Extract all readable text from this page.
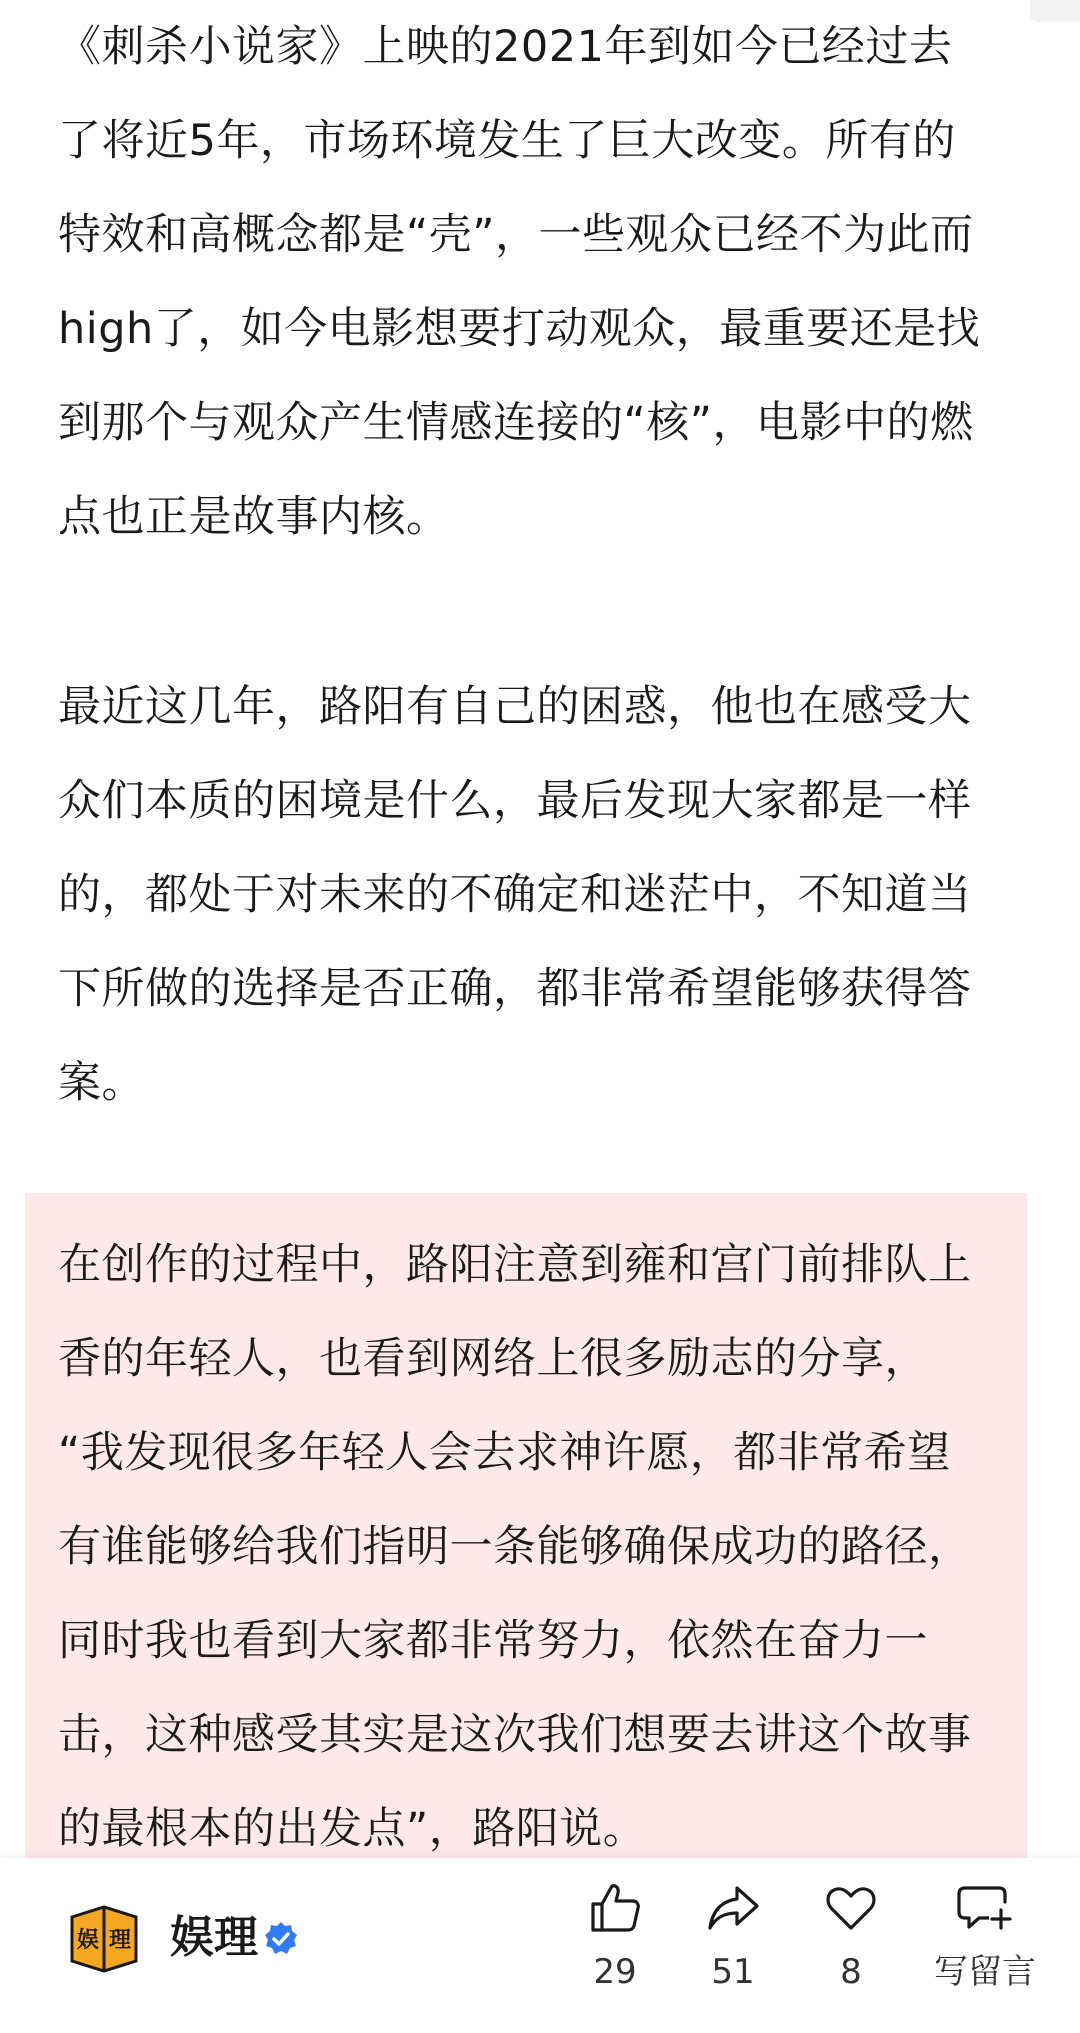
《刺杀小说家》上映的2021年到如今已经过去
了将近5年，市场环境发生了巨大改变。所有的
特效和高概念都是“壳”，一些观众已经不为此而
high了，如今电影想要打动观众，最重要还是找
到那个与观众产生情感连接的“核”，电影中的燃
点也正是故事内核。

最近这几年，路阳有自己的困惑，他也在感受大
众们本质的困境是什么，最后发现大家都是一样
的，都处于对未来的不确定和迷茫中，不知道当
下所做的选择是否正确，都非常希望能够获得答
案。

在创作的过程中，路阳注意到雍和宫门前排队上
香的年轻人，也看到网络上很多励志的分享，
“我发现很多年轻人会去求神许愿，都非常希望
有谁能够给我们指明一条能够确保成功的路径，
同时我也看到大家都非常努力，依然在奋力一
击，这种感受其实是这次我们想要去讲这个故事
的最根本的出发点”，路阳说。

娱 理 娱理
29	51	8	写留言
